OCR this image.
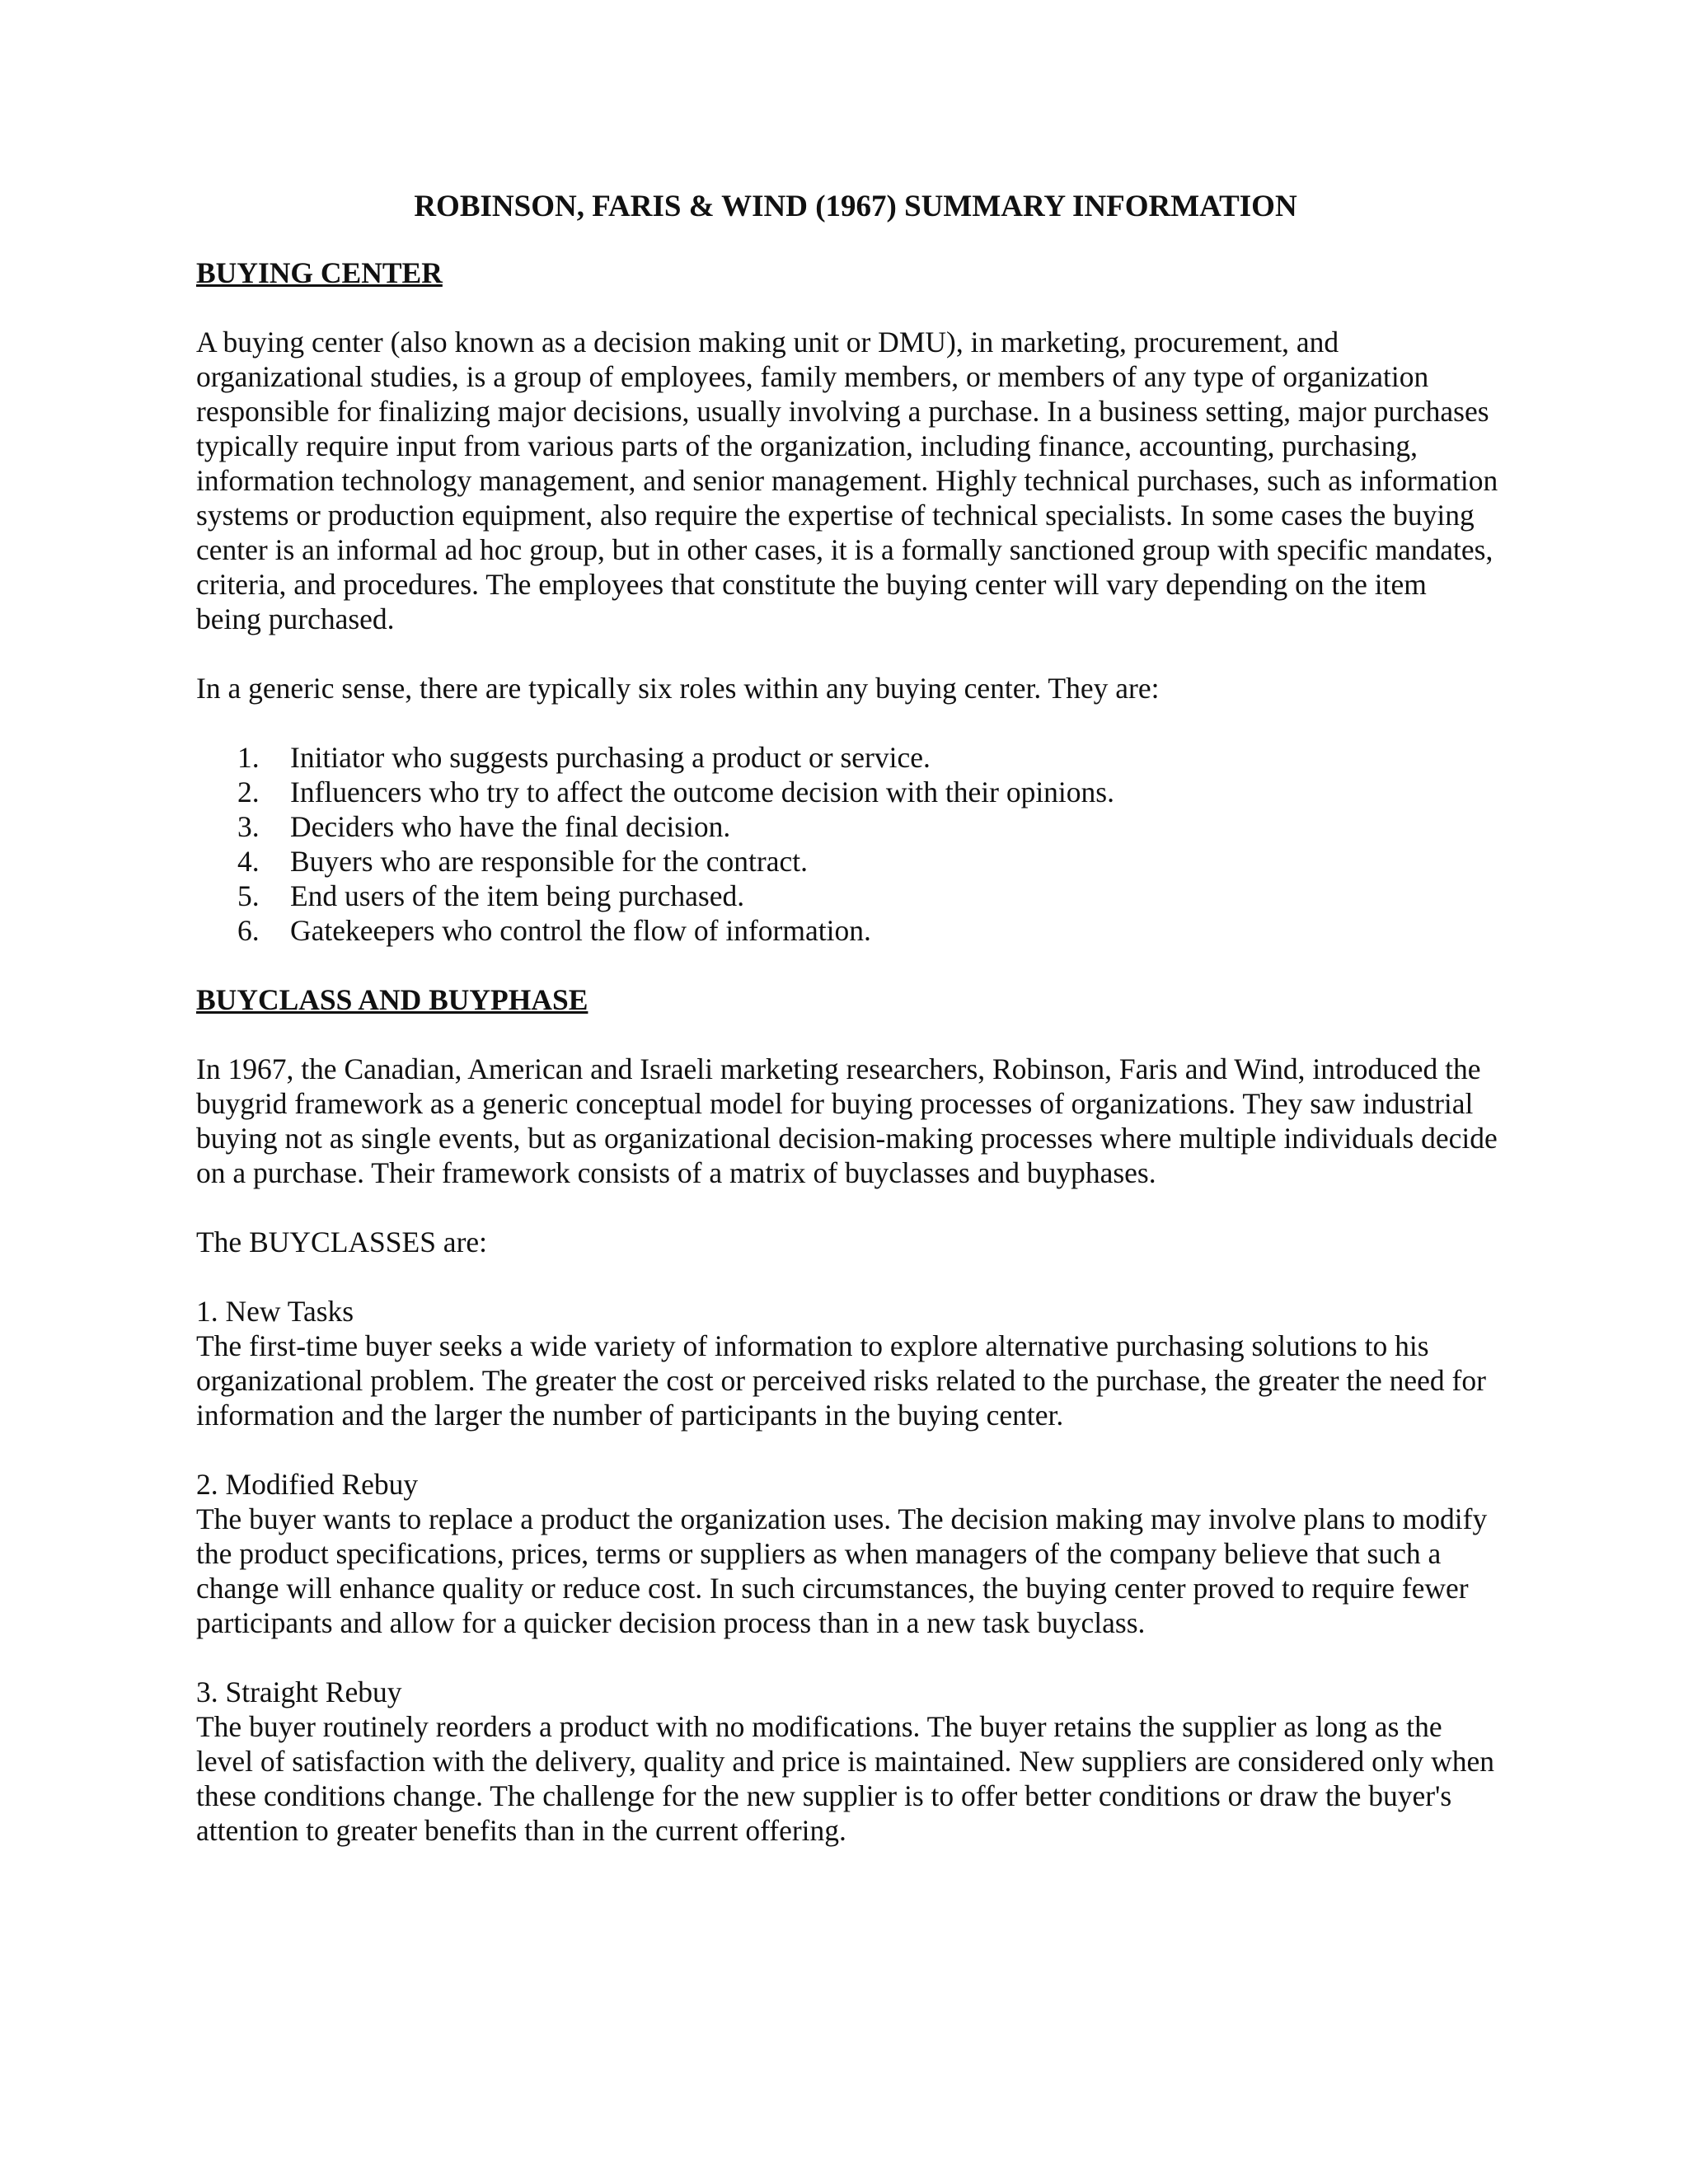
ROBINSON, FARIS & WIND (1967) SUMMARY INFORMATION
BUYING CENTER

A buying center (also known as a decision making unit or DMU), in marketing, procurement, and organizational studies, is a group of employees, family members, or members of any type of organization responsible for finalizing major decisions, usually involving a purchase. In a business setting, major purchases typically require input from various parts of the organization, including finance, accounting, purchasing, information technology management, and senior management. Highly technical purchases, such as information systems or production equipment, also require the expertise of technical specialists. In some cases the buying center is an informal ad hoc group, but in other cases, it is a formally sanctioned group with specific mandates, criteria, and procedures. The employees that constitute the buying center will vary depending on the item being purchased.

In a generic sense, there are typically six roles within any buying center. They are:

1.	Initiator who suggests purchasing a product or service.
2.	Influencers who try to affect the outcome decision with their opinions.
3.	Deciders who have the final decision.
4.	Buyers who are responsible for the contract.
5.	End users of the item being purchased.
6.	Gatekeepers who control the flow of information.
BUYCLASS AND BUYPHASE

In 1967, the Canadian, American and Israeli marketing researchers, Robinson, Faris and Wind, introduced the buygrid framework as a generic conceptual model for buying processes of organizations. They saw industrial buying not as single events, but as organizational decision-making processes where multiple individuals decide on a purchase. Their framework consists of a matrix of buyclasses and buyphases.

The BUYCLASSES are:

1. New Tasks
The first-time buyer seeks a wide variety of information to explore alternative purchasing solutions to his organizational problem. The greater the cost or perceived risks related to the purchase, the greater the need for information and the larger the number of participants in the buying center.
2. Modified Rebuy
The buyer wants to replace a product the organization uses. The decision making may involve plans to modify the product specifications, prices, terms or suppliers as when managers of the company believe that such a change will enhance quality or reduce cost. In such circumstances, the buying center proved to require fewer participants and allow for a quicker decision process than in a new task buyclass.
3. Straight Rebuy
The buyer routinely reorders a product with no modifications. The buyer retains the supplier as long as the level of satisfaction with the delivery, quality and price is maintained. New suppliers are considered only when these conditions change. The challenge for the new supplier is to offer better conditions or draw the buyer's attention to greater benefits than in the current offering.
